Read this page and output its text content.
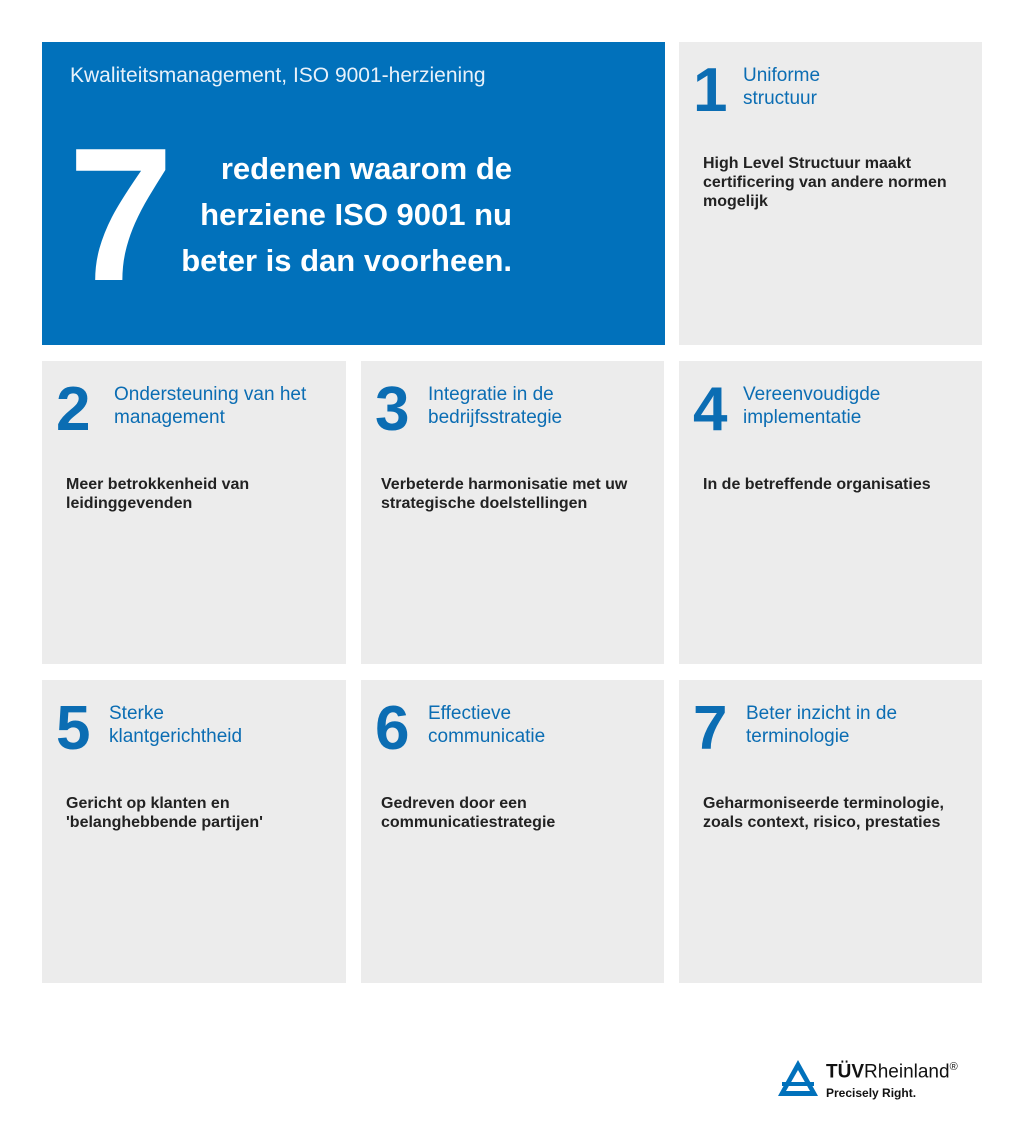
Kwaliteitsmanagement, ISO 9001-herziening
7	redenen waarom de herziene ISO 9001 nu beter is dan voorheen.
1 Uniforme structuur
High Level Structuur maakt certificering van andere normen mogelijk
2 Ondersteuning van het management
Meer betrokkenheid van leidinggevenden
3 Integratie in de bedrijfsstrategie
Verbeterde harmonisatie met uw strategische doelstellingen
4 Vereenvoudigde implementatie
In de betreffende organisaties
5 Sterke klantgerichtheid
Gericht op klanten en 'belanghebbende partijen'
6 Effectieve communicatie
Gedreven door een communicatiestrategie
7 Beter inzicht in de terminologie
Geharmoniseerde terminologie, zoals context, risico, prestaties
TÜVRheinland®
Precisely Right.
